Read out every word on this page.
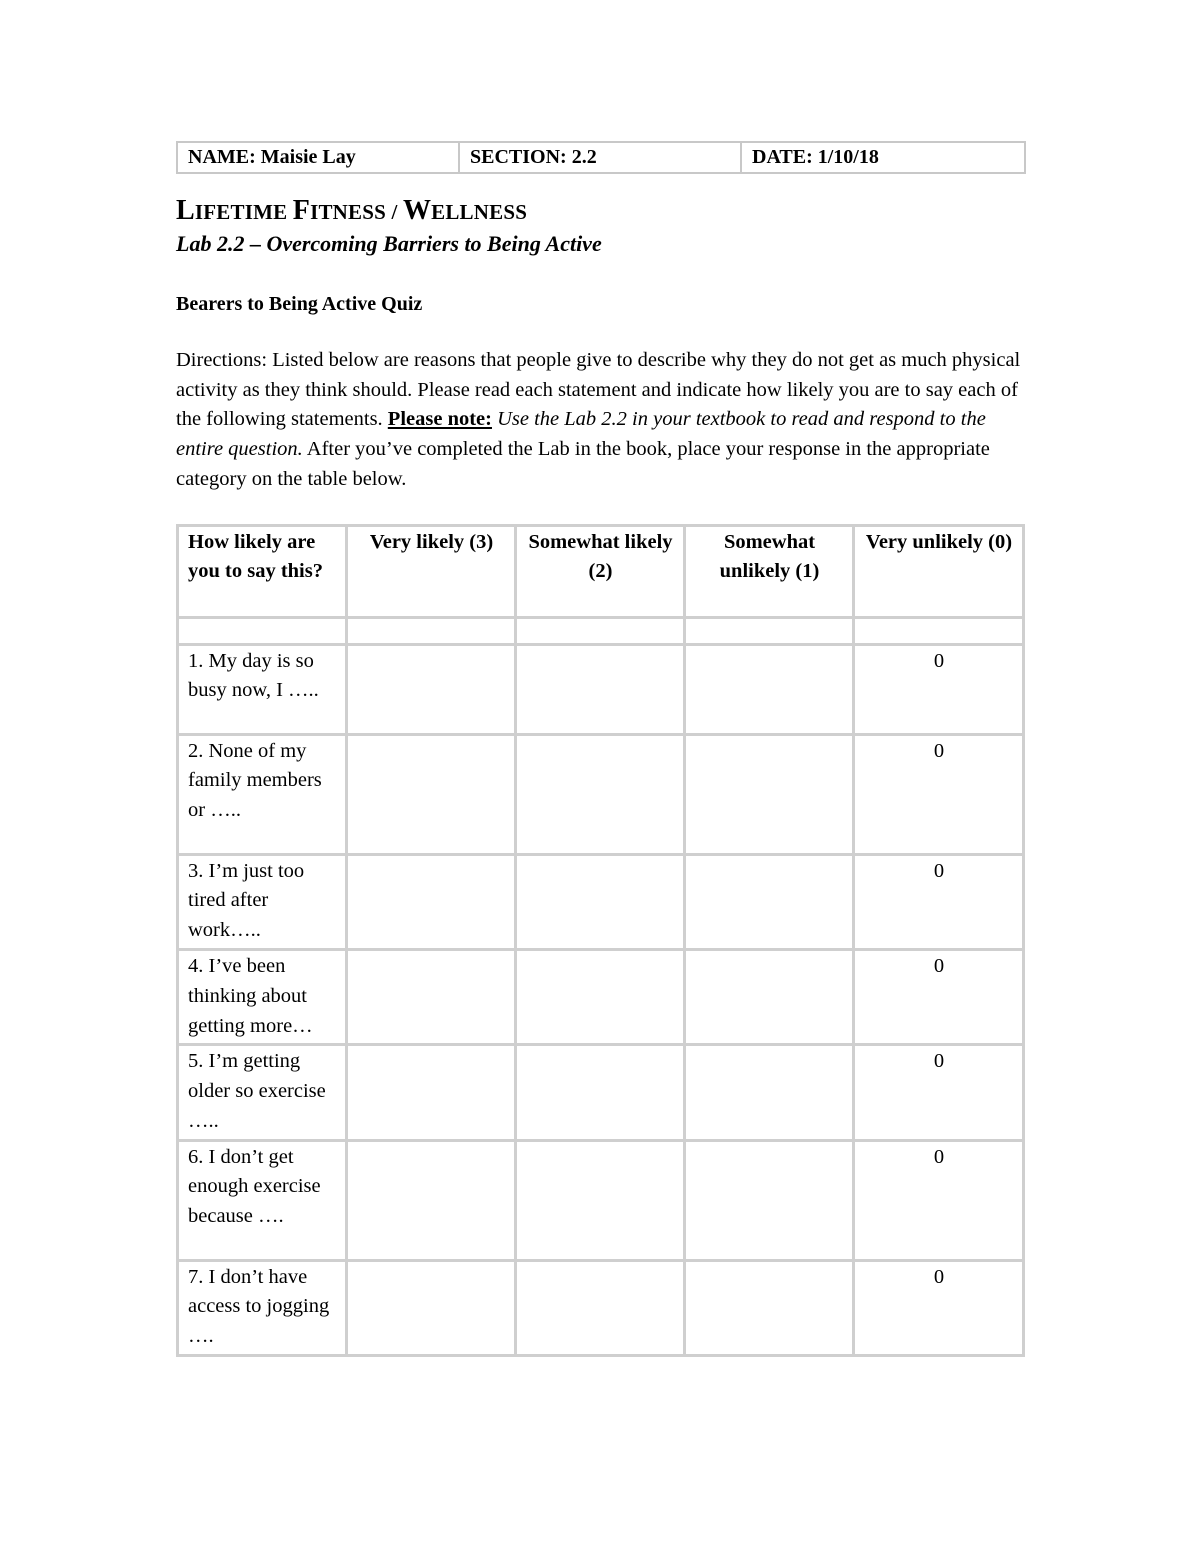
NAME: Maisie Lay	SECTION: 2.2	DATE: 1/10/18
LIFETIME FITNESS / WELLNESS
Lab 2.2 – Overcoming Barriers to Being Active
Bearers to Being Active Quiz
Directions: Listed below are reasons that people give to describe why they do not get as much physical activity as they think should. Please read each statement and indicate how likely you are to say each of the following statements. Please note: Use the Lab 2.2 in your textbook to read and respond to the entire question. After you’ve completed the Lab in the book, place your response in the appropriate category on the table below.
How likely are you to say this?	Very likely (3)	Somewhat likely (2)	Somewhat unlikely (1)	Very unlikely (0)

1. My day is so busy now, I …..				0
2. None of my family members or …..				0
3. I’m just too tired after work…..				0
4. I’ve been thinking about getting more…				0
5. I’m getting older so exercise …..				0
6. I don’t get enough exercise because ….				0
7. I don’t have access to jogging ….				0
